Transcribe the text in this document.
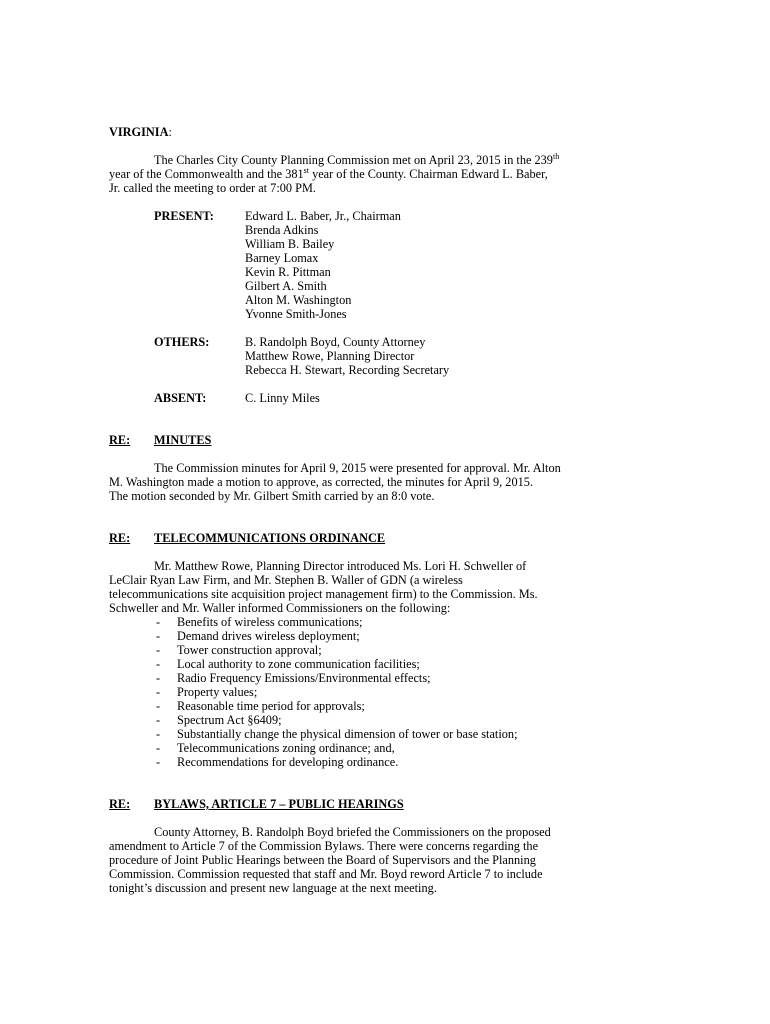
VIRGINIA:
The Charles City County Planning Commission met on April 23, 2015 in the 239th
year of the Commonwealth and the 381st year of the County. Chairman Edward L. Baber,
Jr. called the meeting to order at 7:00 PM.
PRESENT:	Edward L. Baber, Jr., Chairman
Brenda Adkins
William B. Bailey
Barney Lomax
Kevin R. Pittman
Gilbert A. Smith
Alton M. Washington
Yvonne Smith-Jones
OTHERS:	B. Randolph Boyd, County Attorney
Matthew Rowe, Planning Director
Rebecca H. Stewart, Recording Secretary
ABSENT:	C. Linny Miles
RE: MINUTES
The Commission minutes for April 9, 2015 were presented for approval. Mr. Alton
M. Washington made a motion to approve, as corrected, the minutes for April 9, 2015.
The motion seconded by Mr. Gilbert Smith carried by an 8:0 vote.
RE: TELECOMMUNICATIONS ORDINANCE
Mr. Matthew Rowe, Planning Director introduced Ms. Lori H. Schweller of
LeClair Ryan Law Firm, and Mr. Stephen B. Waller of GDN (a wireless
telecommunications site acquisition project management firm) to the Commission. Ms.
Schweller and Mr. Waller informed Commissioners on the following:
- Benefits of wireless communications;
- Demand drives wireless deployment;
- Tower construction approval;
- Local authority to zone communication facilities;
- Radio Frequency Emissions/Environmental effects;
- Property values;
- Reasonable time period for approvals;
- Spectrum Act §6409;
- Substantially change the physical dimension of tower or base station;
- Telecommunications zoning ordinance; and,
- Recommendations for developing ordinance.
RE: BYLAWS, ARTICLE 7 – PUBLIC HEARINGS
County Attorney, B. Randolph Boyd briefed the Commissioners on the proposed
amendment to Article 7 of the Commission Bylaws. There were concerns regarding the
procedure of Joint Public Hearings between the Board of Supervisors and the Planning
Commission. Commission requested that staff and Mr. Boyd reword Article 7 to include
tonight’s discussion and present new language at the next meeting.
